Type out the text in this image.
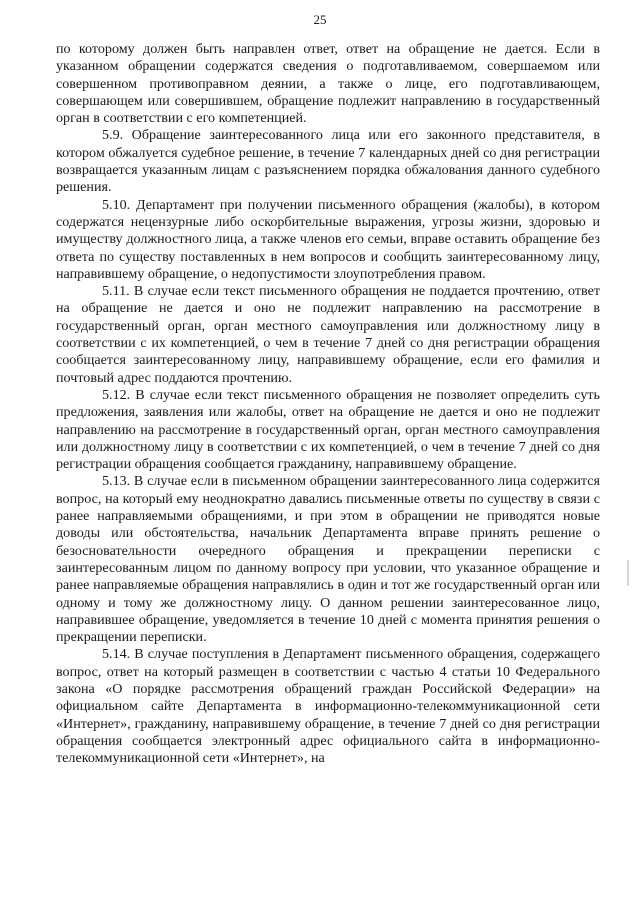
25

по которому должен быть направлен ответ, ответ на обращение не дается. Если в указанном обращении содержатся сведения о подготавливаемом, совершаемом или совершенном противоправном деянии, а также о лице, его подготавливающем, совершающем или совершившем, обращение подлежит направлению в государственный орган в соответствии с его компетенцией.

5.9. Обращение заинтересованного лица или его законного представителя, в котором обжалуется судебное решение, в течение 7 календарных дней со дня регистрации возвращается указанным лицам с разъяснением порядка обжалования данного судебного решения.

5.10. Департамент при получении письменного обращения (жалобы), в котором содержатся нецензурные либо оскорбительные выражения, угрозы жизни, здоровью и имуществу должностного лица, а также членов его семьи, вправе оставить обращение без ответа по существу поставленных в нем вопросов и сообщить заинтересованному лицу, направившему обращение, о недопустимости злоупотребления правом.

5.11. В случае если текст письменного обращения не поддается прочтению, ответ на обращение не дается и оно не подлежит направлению на рассмотрение в государственный орган, орган местного самоуправления или должностному лицу в соответствии с их компетенцией, о чем в течение 7 дней со дня регистрации обращения сообщается заинтересованному лицу, направившему обращение, если его фамилия и почтовый адрес поддаются прочтению.

5.12. В случае если текст письменного обращения не позволяет определить суть предложения, заявления или жалобы, ответ на обращение не дается и оно не подлежит направлению на рассмотрение в государственный орган, орган местного самоуправления или должностному лицу в соответствии с их компетенцией, о чем в течение 7 дней со дня регистрации обращения сообщается гражданину, направившему обращение.

5.13. В случае если в письменном обращении заинтересованного лица содержится вопрос, на который ему неоднократно давались письменные ответы по существу в связи с ранее направляемыми обращениями, и при этом в обращении не приводятся новые доводы или обстоятельства, начальник Департамента вправе принять решение о безосновательности очередного обращения и прекращении переписки с заинтересованным лицом по данному вопросу при условии, что указанное обращение и ранее направляемые обращения направлялись в один и тот же государственный орган или одному и тому же должностному лицу. О данном решении заинтересованное лицо, направившее обращение, уведомляется в течение 10 дней с момента принятия решения о прекращении переписки.

5.14. В случае поступления в Департамент письменного обращения, содержащего вопрос, ответ на который размещен в соответствии с частью 4 статьи 10 Федерального закона «О порядке рассмотрения обращений граждан Российской Федерации» на официальном сайте Департамента в информационно-телекоммуникационной сети «Интернет», гражданину, направившему обращение, в течение 7 дней со дня регистрации обращения сообщается электронный адрес официального сайта в информационно-телекоммуникационной сети «Интернет», на
